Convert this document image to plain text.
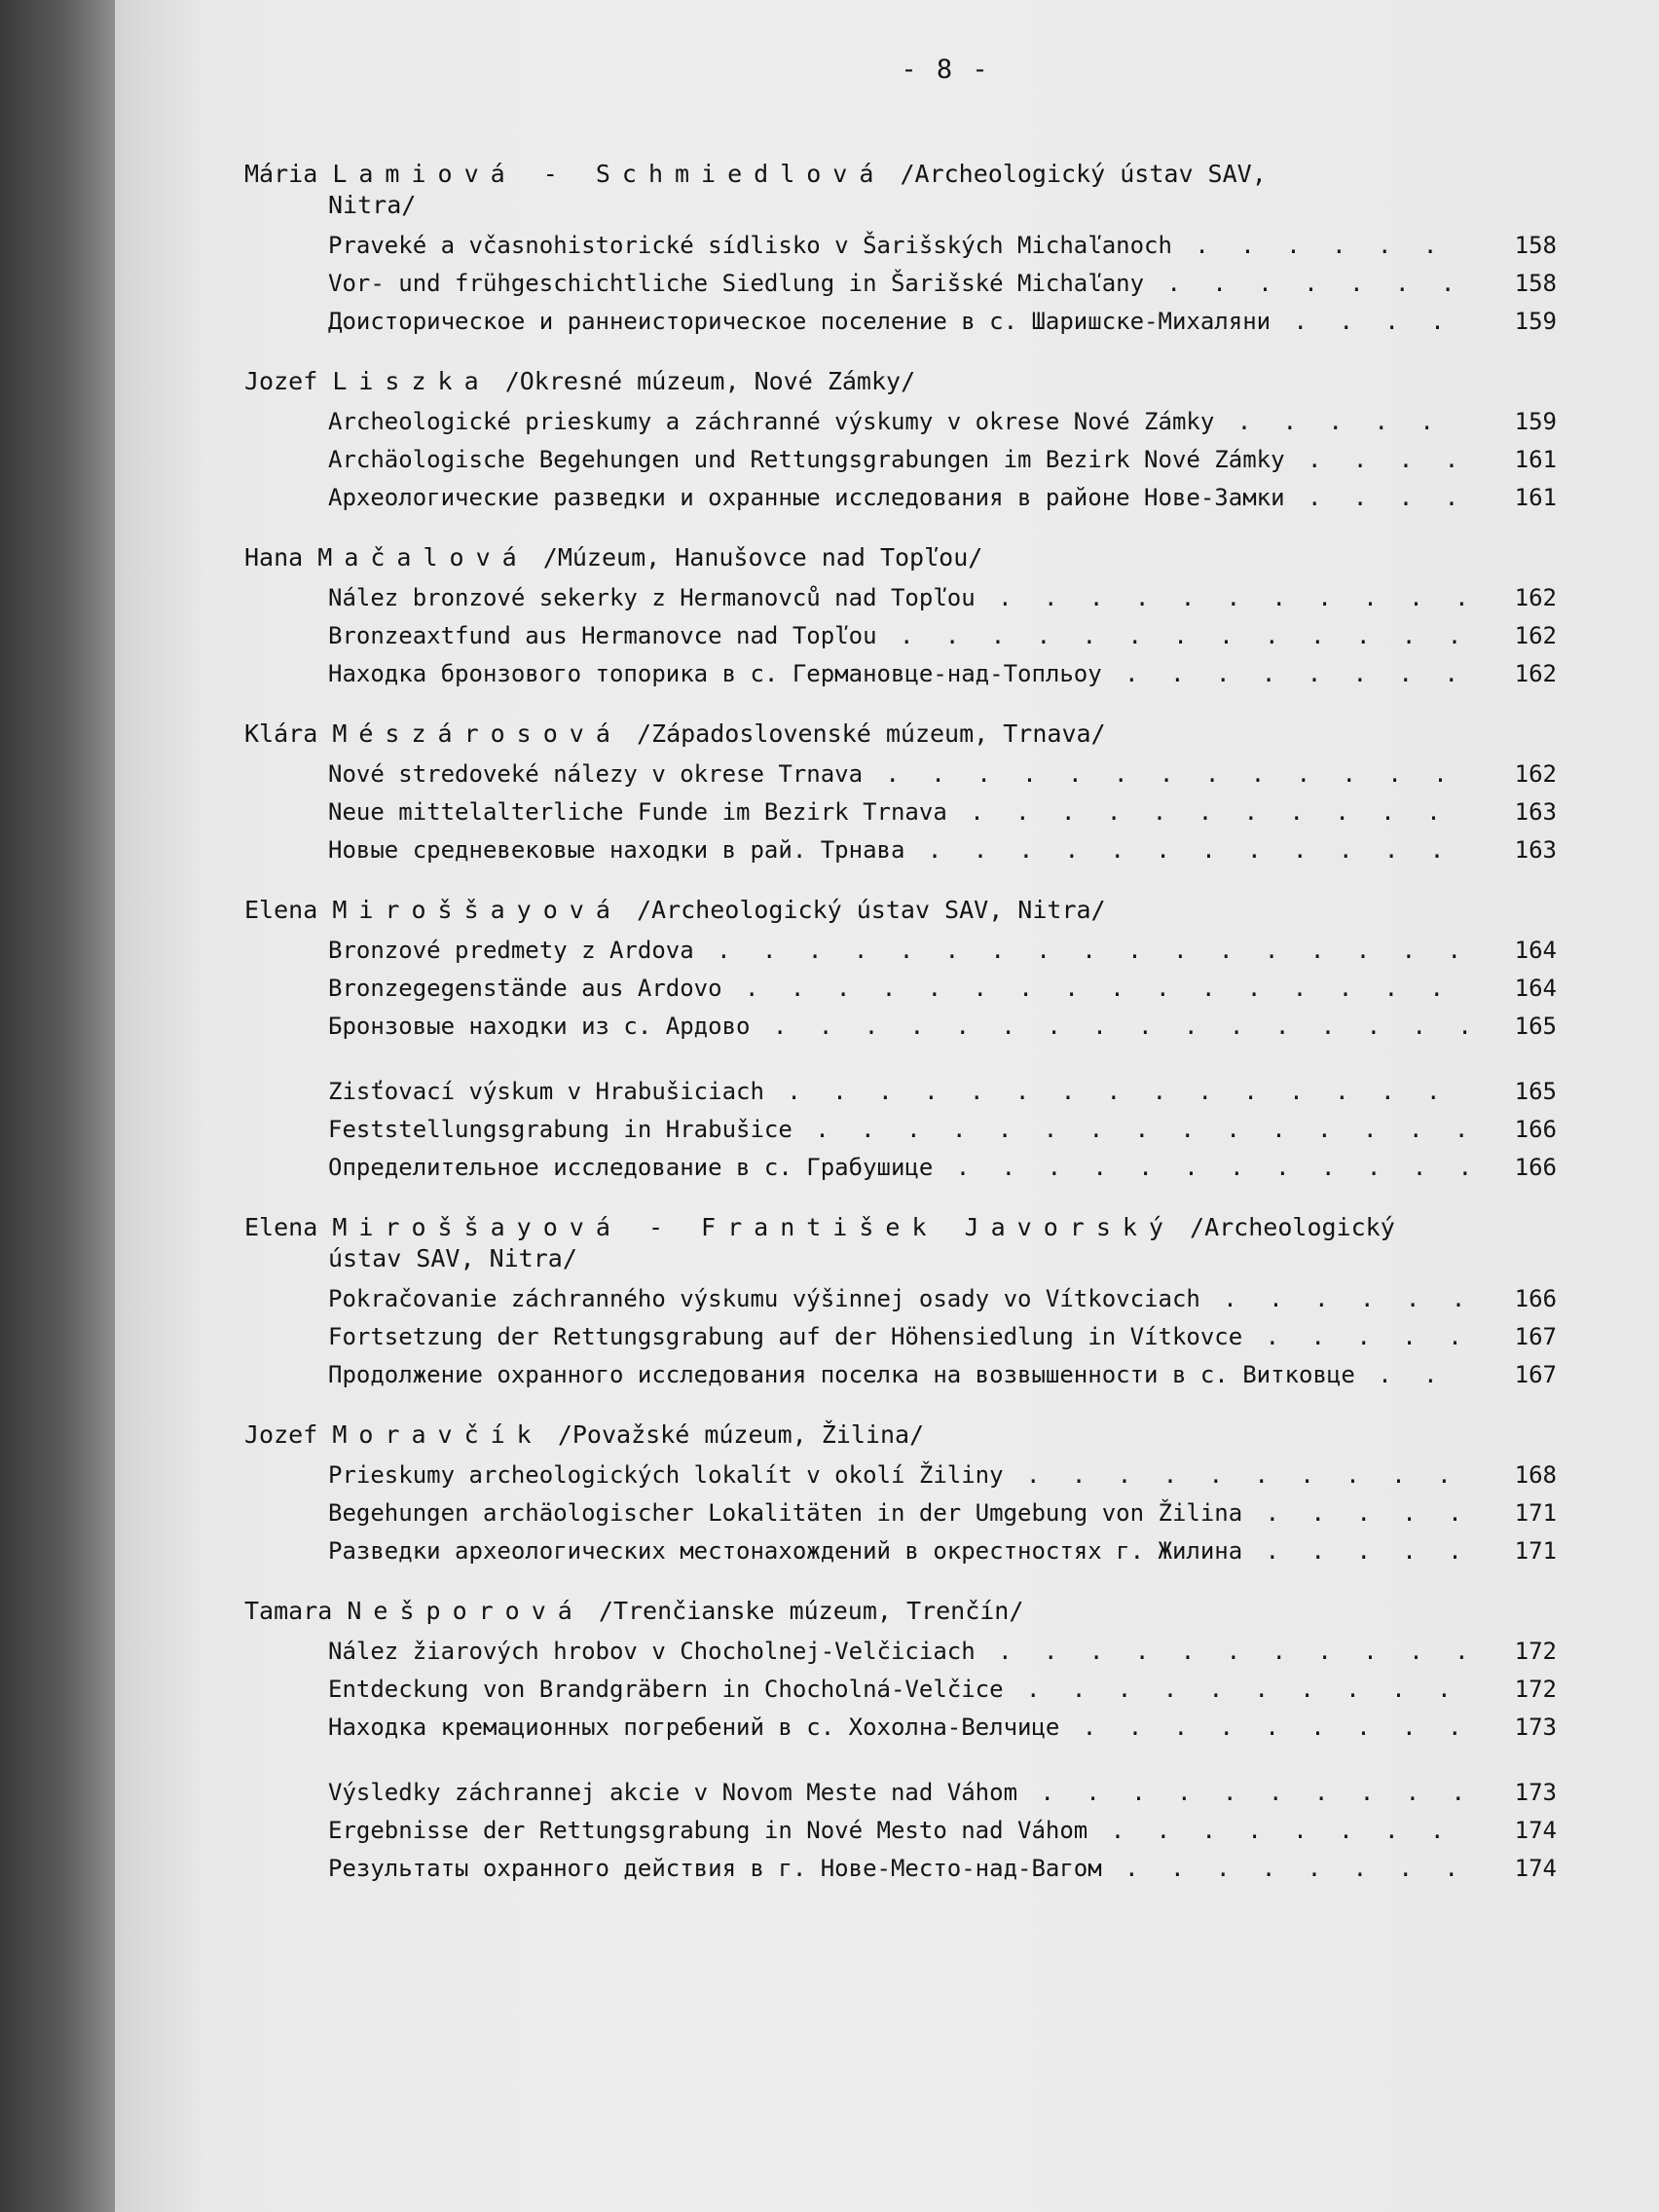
- 8 -
Mária Lamiová - Schmiedlová /Archeologický ústav SAV,
Nitra/
Praveké a včasnohistorické sídlisko v Šarišských Michaľanoch . . . . . .	158
Vor- und frühgeschichtliche Siedlung in Šarišské Michaľany . . . . . . .	158
Доисторическое и раннеисторическое поселение в с. Шаришске-Михаляни . . . .	159
Jozef Liszka /Okresné múzeum, Nové Zámky/
Archeologické prieskumy a záchranné výskumy v okrese Nové Zámky . . . . .	159
Archäologische Begehungen und Rettungsgrabungen im Bezirk Nové Zámky . . . .	161
Археологические разведки и охранные исследования в районе Нове-Замки . . . .	161
Hana Mačalová /Múzeum, Hanušovce nad Topľou/
Nález bronzové sekerky z Hermanovců nad Topľou . . . . . . . . . . .	162
Bronzeaxtfund aus Hermanovce nad Topľou . . . . . . . . . . . . .	162
Находка бронзового топорика в с. Германовце-над-Топльоу . . . . . . . .	162
Klára Mészárosová /Západoslovenské múzeum, Trnava/
Nové stredoveké nálezy v okrese Trnava . . . . . . . . . . . . .	162
Neue mittelalterliche Funde im Bezirk Trnava . . . . . . . . . . .	163
Новые средневековые находки в рай. Трнава . . . . . . . . . . . .	163
Elena Miroššayová /Archeologický ústav SAV, Nitra/
Bronzové predmety z Ardova . . . . . . . . . . . . . . . . .	164
Bronzegegenstände aus Ardovo . . . . . . . . . . . . . . . .	164
Бронзовые находки из с. Ардово . . . . . . . . . . . . . . . .	165
Zisťovací výskum v Hrabušiciach . . . . . . . . . . . . . . .	165
Feststellungsgrabung in Hrabušice . . . . . . . . . . . . . . .	166
Определительное исследование в с. Грабушице . . . . . . . . . . . .	166
Elena Miroššayová - František Javorský /Archeologický
ústav SAV, Nitra/
Pokračovanie záchranného výskumu výšinnej osady vo Vítkovciach . . . . . .	166
Fortsetzung der Rettungsgrabung auf der Höhensiedlung in Vítkovce . . . . .	167
Продолжение охранного исследования поселка на возвышенности в с. Витковце . .	167
Jozef Moravčík /Považské múzeum, Žilina/
Prieskumy archeologických lokalít v okolí Žiliny . . . . . . . . . .	168
Begehungen archäologischer Lokalitäten in der Umgebung von Žilina . . . . .	171
Разведки археологических местонахождений в окрестностях г. Жилина . . . . .	171
Tamara Nešporová /Trenčianske múzeum, Trenčín/
Nález žiarových hrobov v Chocholnej-Velčiciach . . . . . . . . . . .	172
Entdeckung von Brandgräbern in Chocholná-Velčice . . . . . . . . . .	172
Находка кремационных погребений в с. Хохолна-Велчице . . . . . . . . .	173
Výsledky záchrannej akcie v Novom Meste nad Váhom . . . . . . . . . .	173
Ergebnisse der Rettungsgrabung in Nové Mesto nad Váhom . . . . . . . .	174
Результаты охранного действия в г. Нове-Место-над-Вагом . . . . . . . .	174
